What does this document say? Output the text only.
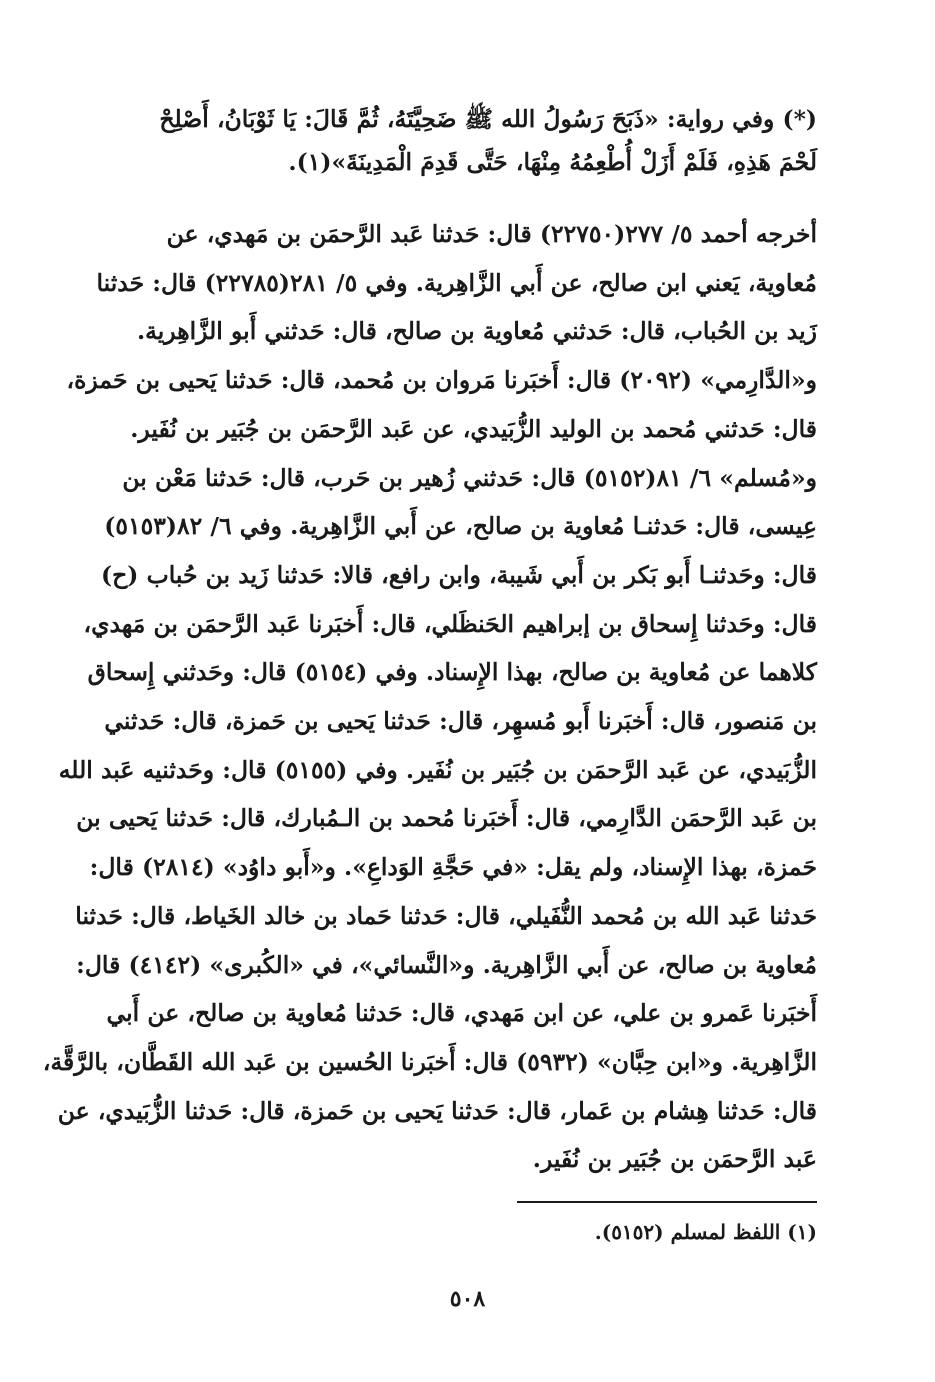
(*) وفي رواية: «ذَبَحَ رَسُولُ الله ﷺ ضَحِيَّتَهُ، ثُمَّ قَالَ: يَا ثَوْبَانُ، أَصْلِحْ
لَحْمَ هَذِهِ، فَلَمْ أَزَلْ أُطْعِمُهُ مِنْهَا، حَتَّى قَدِمَ الْمَدِينَةَ»(١).
أخرجه أحمد ٥/ ٢٧٧(٢٢٧٥٠) قال: حَدثنا عَبد الرَّحمَن بن مَهدي، عن
مُعاوية، يَعني ابن صالح، عن أَبي الزَّاهِرية. وفي ٥/ ٢٨١(٢٢٧٨٥) قال: حَدثنا
زَيد بن الحُباب، قال: حَدثني مُعاوية بن صالح، قال: حَدثني أَبو الزَّاهِرية.
و«الدَّارِمي» (٢٠٩٢) قال: أَخبَرنا مَروان بن مُحمد، قال: حَدثنا يَحيى بن حَمزة،
قال: حَدثني مُحمد بن الوليد الزُّبَيدي، عن عَبد الرَّحمَن بن جُبَير بن نُفَير.
و«مُسلم» ٦/ ٨١(٥١٥٢) قال: حَدثني زُهير بن حَرب، قال: حَدثنا مَعْن بن
عِيسى، قال: حَدثنـا مُعاوية بن صالح، عن أَبي الزَّاهِرية. وفي ٦/ ٨٢(٥١٥٣)
قال: وحَدثنـا أَبو بَكر بن أَبي شَيبة، وابن رافع، قالا: حَدثنا زَيد بن حُباب (ح)
قال: وحَدثنا إِسحاق بن إبراهيم الحَنظَلي، قال: أَخبَرنا عَبد الرَّحمَن بن مَهدي،
كلاهما عن مُعاوية بن صالح، بهذا الإِسناد. وفي (٥١٥٤) قال: وحَدثني إِسحاق
بن مَنصور، قال: أَخبَرنا أَبو مُسهِر، قال: حَدثنا يَحيى بن حَمزة، قال: حَدثني
الزُّبَيدي، عن عَبد الرَّحمَن بن جُبَير بن نُفَير. وفي (٥١٥٥) قال: وحَدثنيه عَبد الله
بن عَبد الرَّحمَن الدَّارِمي، قال: أَخبَرنا مُحمد بن الـمُبارك، قال: حَدثنا يَحيى بن
حَمزة، بهذا الإِسناد، ولم يقل: «في حَجَّةِ الوَداعِ». و«أَبو داوُد» (٢٨١٤) قال:
حَدثنا عَبد الله بن مُحمد النُّفَيلي، قال: حَدثنا حَماد بن خالد الخَياط، قال: حَدثنا
مُعاوية بن صالح، عن أَبي الزَّاهِرية. و«النَّسائي»، في «الكُبرى» (٤١٤٢) قال:
أَخبَرنا عَمرو بن علي، عن ابن مَهدي، قال: حَدثنا مُعاوية بن صالح، عن أَبي
الزَّاهِرية. و«ابن حِبَّان» (٥٩٣٢) قال: أَخبَرنا الحُسين بن عَبد الله القَطَّان، بالرَّقَّة،
قال: حَدثنا هِشام بن عَمار، قال: حَدثنا يَحيى بن حَمزة، قال: حَدثنا الزُّبَيدي، عن
عَبد الرَّحمَن بن جُبَير بن نُفَير.
(١) اللفظ لمسلم (٥١٥٢).
٥٠٨
